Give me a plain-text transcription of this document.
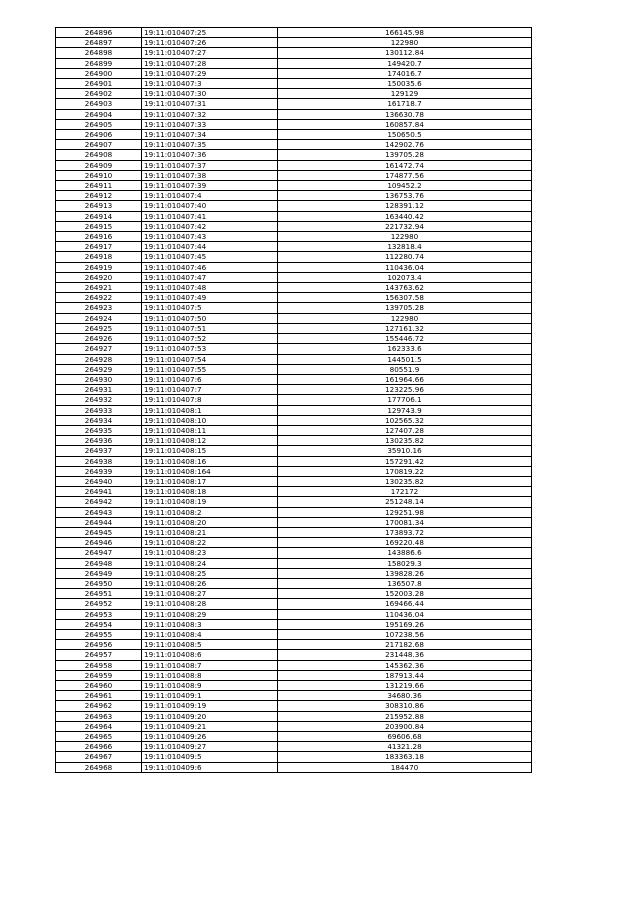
264896	19:11:010407:25	166145.98
264897	19:11:010407:26	122980
264898	19:11:010407:27	130112.84
264899	19:11:010407:28	149420.7
264900	19:11:010407:29	174016.7
264901	19:11:010407:3	150035.6
264902	19:11:010407:30	129129
264903	19:11:010407:31	161718.7
264904	19:11:010407:32	136630.78
264905	19:11:010407:33	160857.84
264906	19:11:010407:34	150650.5
264907	19:11:010407:35	142902.76
264908	19:11:010407:36	139705.28
264909	19:11:010407:37	161472.74
264910	19:11:010407:38	174877.56
264911	19:11:010407:39	109452.2
264912	19:11:010407:4	136753.76
264913	19:11:010407:40	128391.12
264914	19:11:010407:41	163440.42
264915	19:11:010407:42	221732.94
264916	19:11:010407:43	122980
264917	19:11:010407:44	132818.4
264918	19:11:010407:45	112280.74
264919	19:11:010407:46	110436.04
264920	19:11:010407:47	102073.4
264921	19:11:010407:48	143763.62
264922	19:11:010407:49	156307.58
264923	19:11:010407:5	139705.28
264924	19:11:010407:50	122980
264925	19:11:010407:51	127161.32
264926	19:11:010407:52	155446.72
264927	19:11:010407:53	162333.6
264928	19:11:010407:54	144501.5
264929	19:11:010407:55	80551.9
264930	19:11:010407:6	161964.66
264931	19:11:010407:7	123225.96
264932	19:11:010407:8	177706.1
264933	19:11:010408:1	129743.9
264934	19:11:010408:10	102565.32
264935	19:11:010408:11	127407.28
264936	19:11:010408:12	130235.82
264937	19:11:010408:15	35910.16
264938	19:11:010408:16	157291.42
264939	19:11:010408:164	170819.22
264940	19:11:010408:17	130235.82
264941	19:11:010408:18	172172
264942	19:11:010408:19	251248.14
264943	19:11:010408:2	129251.98
264944	19:11:010408:20	170081.34
264945	19:11:010408:21	173893.72
264946	19:11:010408:22	169220.48
264947	19:11:010408:23	143886.6
264948	19:11:010408:24	158029.3
264949	19:11:010408:25	139828.26
264950	19:11:010408:26	136507.8
264951	19:11:010408:27	152003.28
264952	19:11:010408:28	169466.44
264953	19:11:010408:29	110436.04
264954	19:11:010408:3	195169.26
264955	19:11:010408:4	107238.56
264956	19:11:010408:5	217182.68
264957	19:11:010408:6	231448.36
264958	19:11:010408:7	145362.36
264959	19:11:010408:8	187913.44
264960	19:11:010408:9	131219.66
264961	19:11:010409:1	34680.36
264962	19:11:010409:19	308310.86
264963	19:11:010409:20	215952.88
264964	19:11:010409:21	203900.84
264965	19:11:010409:26	69606.68
264966	19:11:010409:27	41321.28
264967	19:11:010409:5	183363.18
264968	19:11:010409:6	184470
